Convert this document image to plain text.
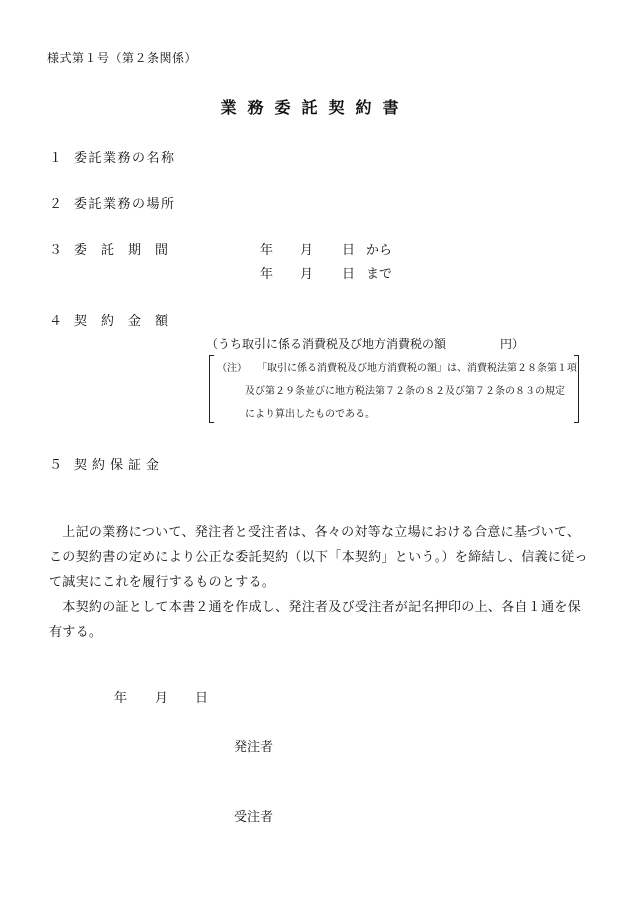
様式第１号（第２条関係）
業務委託契約書
１ 委託業務の名称
２ 委託業務の場所
３ 委託期間	年 月 日 から
年 月 日 まで
４ 契約金額
（うち取引に係る消費税及び地方消費税の額	円）
（注） 「取引に係る消費税及び地方消費税の額」は、消費税法第２８条第１項
及び第２９条並びに地方税法第７２条の８２及び第７２条の８３の規定
により算出したものである。
５ 契約保証金
　上記の業務について、発注者と受注者は、各々の対等な立場における合意に基づいて、
この契約書の定めにより公正な委託契約（以下「本契約」という。）を締結し、信義に従っ
て誠実にこれを履行するものとする。
　本契約の証として本書２通を作成し、発注者及び受注者が記名押印の上、各自１通を保
有する。
年 月 日
発注者
受注者
